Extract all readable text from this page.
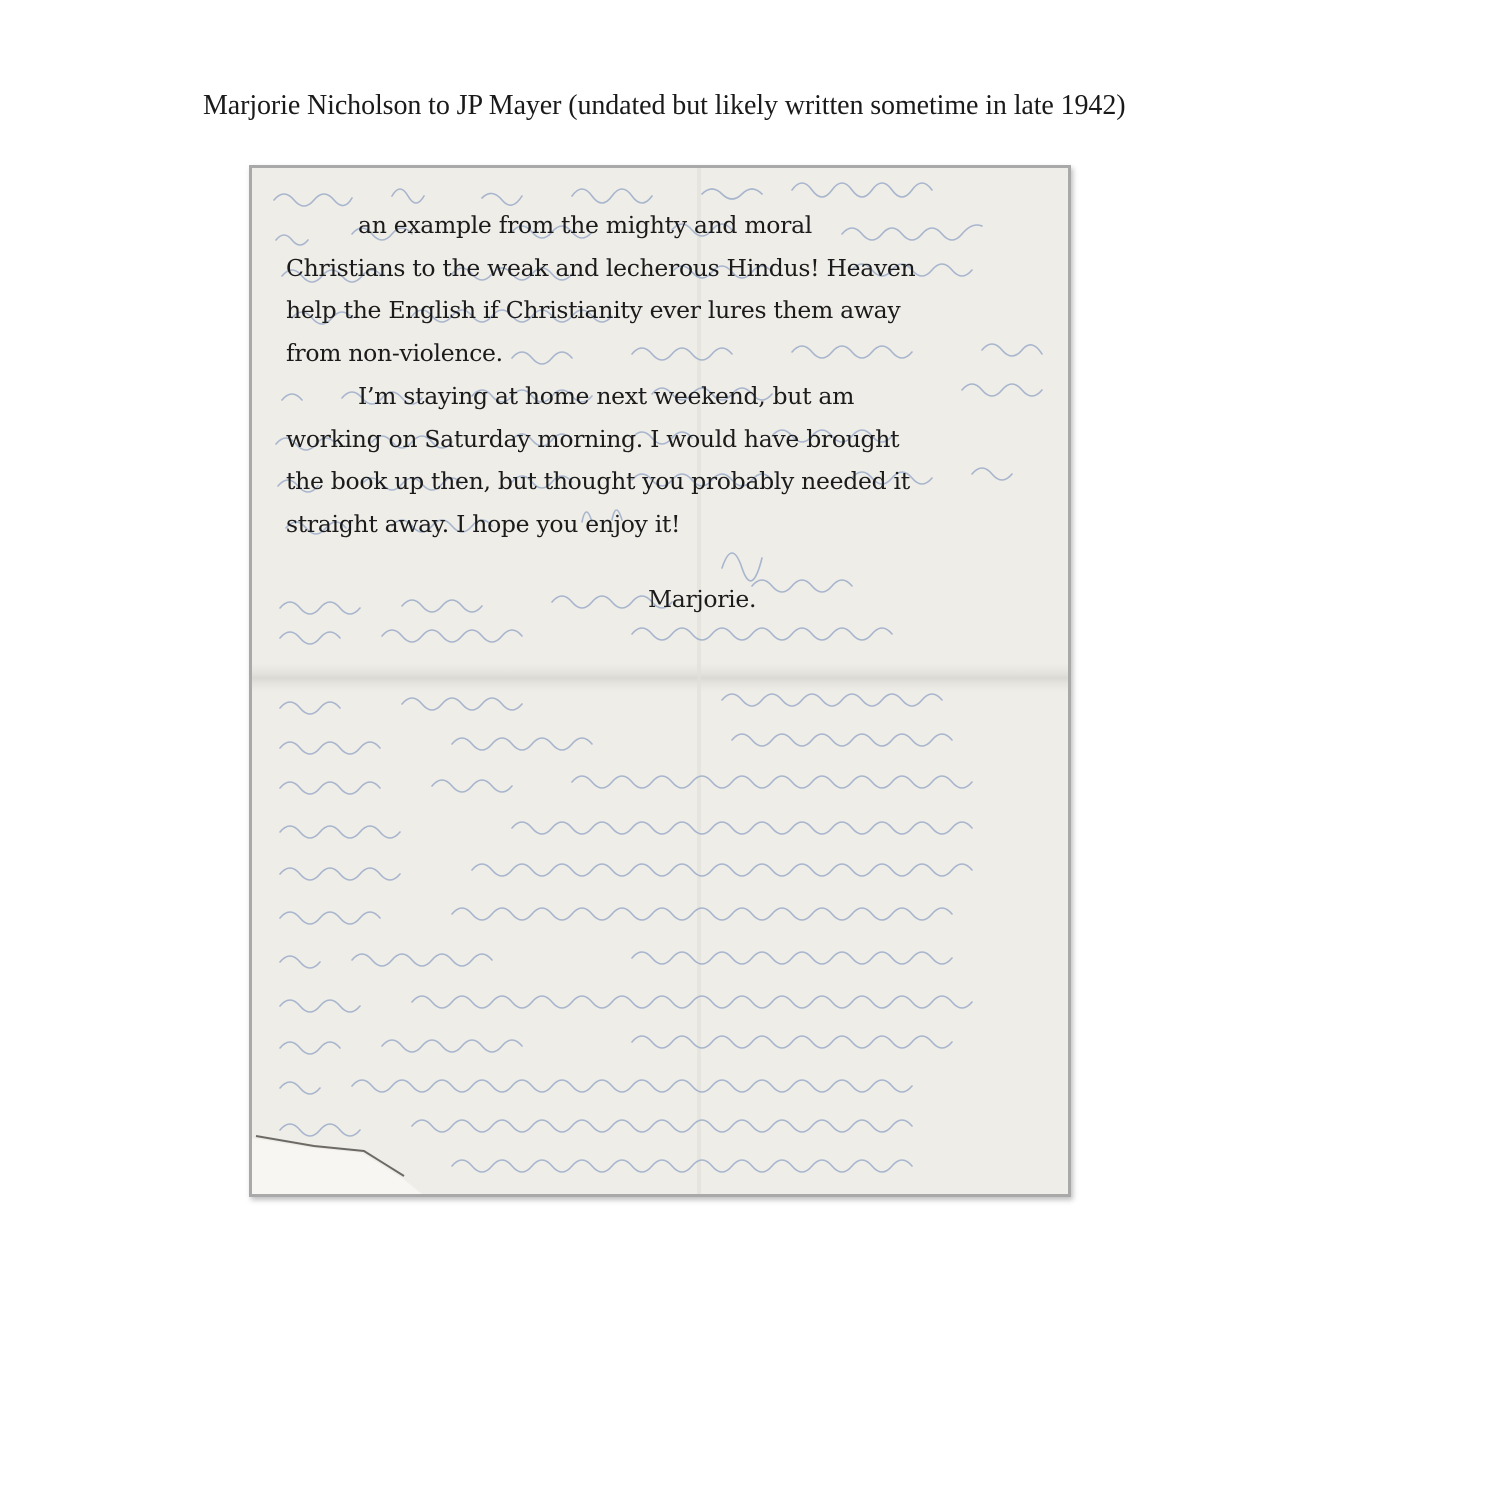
Marjorie Nicholson to JP Mayer (undated but likely written sometime in late 1942)

an example from the mighty and moral
Christians to the weak and lecherous Hindus! Heaven
help the English if Christianity ever lures them away
from non-violence.

I’m staying at home next weekend, but am
working on Saturday morning. I would have brought
the book up then, but thought you probably needed it
straight away. I hope you enjoy it!

Marjorie.
